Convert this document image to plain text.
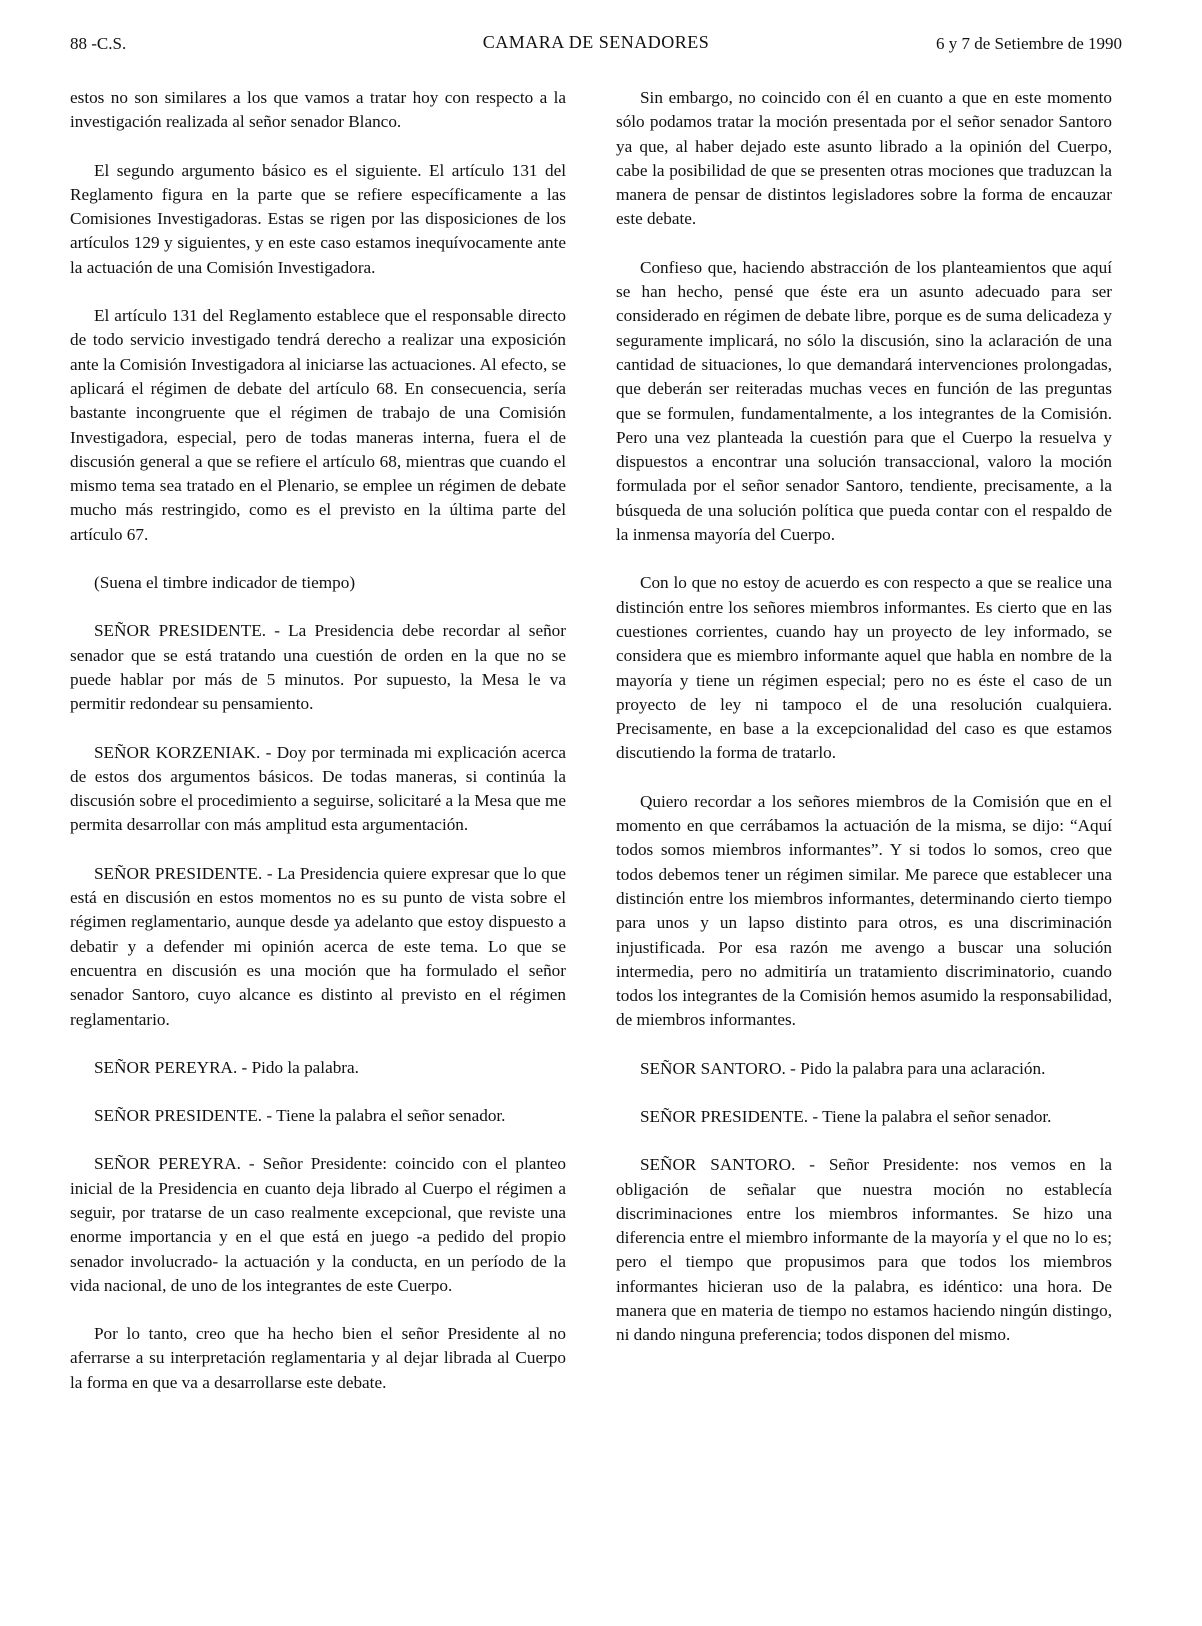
88 -C.S.	CAMARA DE SENADORES	6 y 7 de Setiembre de 1990

estos no son similares a los que vamos a tratar hoy con respecto a la investigación realizada al señor senador Blanco.

El segundo argumento básico es el siguiente. El artículo 131 del Reglamento figura en la parte que se refiere específicamente a las Comisiones Investigadoras. Estas se rigen por las disposiciones de los artículos 129 y siguientes, y en este caso estamos inequívocamente ante la actuación de una Comisión Investigadora.

El artículo 131 del Reglamento establece que el responsable directo de todo servicio investigado tendrá derecho a realizar una exposición ante la Comisión Investigadora al iniciarse las actuaciones. Al efecto, se aplicará el régimen de debate del artículo 68. En consecuencia, sería bastante incongruente que el régimen de trabajo de una Comisión Investigadora, especial, pero de todas maneras interna, fuera el de discusión general a que se refiere el artículo 68, mientras que cuando el mismo tema sea tratado en el Plenario, se emplee un régimen de debate mucho más restringido, como es el previsto en la última parte del artículo 67.

(Suena el timbre indicador de tiempo)

SEÑOR PRESIDENTE. - La Presidencia debe recordar al señor senador que se está tratando una cuestión de orden en la que no se puede hablar por más de 5 minutos. Por supuesto, la Mesa le va permitir redondear su pensamiento.

SEÑOR KORZENIAK. - Doy por terminada mi explicación acerca de estos dos argumentos básicos. De todas maneras, si continúa la discusión sobre el procedimiento a seguirse, solicitaré a la Mesa que me permita desarrollar con más amplitud esta argumentación.

SEÑOR PRESIDENTE. - La Presidencia quiere expresar que lo que está en discusión en estos momentos no es su punto de vista sobre el régimen reglamentario, aunque desde ya adelanto que estoy dispuesto a debatir y a defender mi opinión acerca de este tema. Lo que se encuentra en discusión es una moción que ha formulado el señor senador Santoro, cuyo alcance es distinto al previsto en el régimen reglamentario.

SEÑOR PEREYRA. - Pido la palabra.

SEÑOR PRESIDENTE. - Tiene la palabra el señor senador.

SEÑOR PEREYRA. - Señor Presidente: coincido con el planteo inicial de la Presidencia en cuanto deja librado al Cuerpo el régimen a seguir, por tratarse de un caso realmente excepcional, que reviste una enorme importancia y en el que está en juego -a pedido del propio senador involucrado- la actuación y la conducta, en un período de la vida nacional, de uno de los integrantes de este Cuerpo.

Por lo tanto, creo que ha hecho bien el señor Presidente al no aferrarse a su interpretación reglamentaria y al dejar librada al Cuerpo la forma en que va a desarrollarse este debate.

Sin embargo, no coincido con él en cuanto a que en este momento sólo podamos tratar la moción presentada por el señor senador Santoro ya que, al haber dejado este asunto librado a la opinión del Cuerpo, cabe la posibilidad de que se presenten otras mociones que traduzcan la manera de pensar de distintos legisladores sobre la forma de encauzar este debate.

Confieso que, haciendo abstracción de los planteamientos que aquí se han hecho, pensé que éste era un asunto adecuado para ser considerado en régimen de debate libre, porque es de suma delicadeza y seguramente implicará, no sólo la discusión, sino la aclaración de una cantidad de situaciones, lo que demandará intervenciones prolongadas, que deberán ser reiteradas muchas veces en función de las preguntas que se formulen, fundamentalmente, a los integrantes de la Comisión. Pero una vez planteada la cuestión para que el Cuerpo la resuelva y dispuestos a encontrar una solución transaccional, valoro la moción formulada por el señor senador Santoro, tendiente, precisamente, a la búsqueda de una solución política que pueda contar con el respaldo de la inmensa mayoría del Cuerpo.

Con lo que no estoy de acuerdo es con respecto a que se realice una distinción entre los señores miembros informantes. Es cierto que en las cuestiones corrientes, cuando hay un proyecto de ley informado, se considera que es miembro informante aquel que habla en nombre de la mayoría y tiene un régimen especial; pero no es éste el caso de un proyecto de ley ni tampoco el de una resolución cualquiera. Precisamente, en base a la excepcionalidad del caso es que estamos discutiendo la forma de tratarlo.

Quiero recordar a los señores miembros de la Comisión que en el momento en que cerrábamos la actuación de la misma, se dijo: “Aquí todos somos miembros informantes”. Y si todos lo somos, creo que todos debemos tener un régimen similar. Me parece que establecer una distinción entre los miembros informantes, determinando cierto tiempo para unos y un lapso distinto para otros, es una discriminación injustificada. Por esa razón me avengo a buscar una solución intermedia, pero no admitiría un tratamiento discriminatorio, cuando todos los integrantes de la Comisión hemos asumido la responsabilidad, de miembros informantes.

SEÑOR SANTORO. - Pido la palabra para una aclaración.

SEÑOR PRESIDENTE. - Tiene la palabra el señor senador.

SEÑOR SANTORO. - Señor Presidente: nos vemos en la obligación de señalar que nuestra moción no establecía discriminaciones entre los miembros informantes. Se hizo una diferencia entre el miembro informante de la mayoría y el que no lo es; pero el tiempo que propusimos para que todos los miembros informantes hicieran uso de la palabra, es idéntico: una hora. De manera que en materia de tiempo no estamos haciendo ningún distingo, ni dando ninguna preferencia; todos disponen del mismo.
